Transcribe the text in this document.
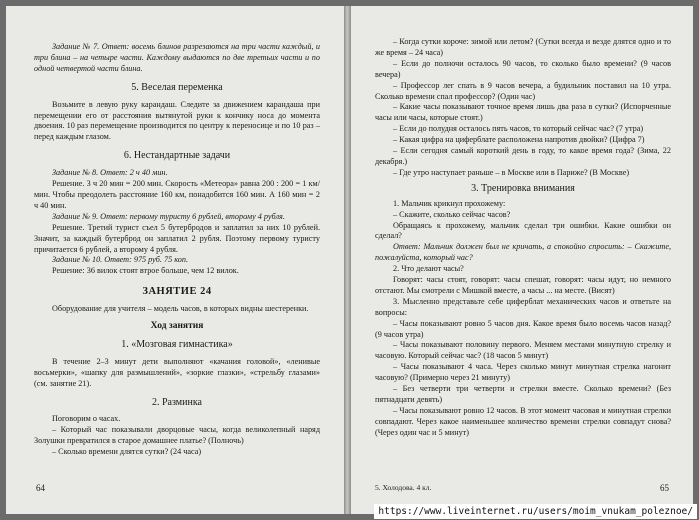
Задание № 7. Ответ: восемь блинов разрезаются на три части каждый, и три блина – на четыре части. Каждому выдаются по две третьих части и по одной четвертой части блина.

5. Веселая переменка

Возьмите в левую руку карандаш. Следите за движением карандаша при перемещении его от расстояния вытянутой руки к кончику носа до момента двоения. 10 раз перемещение производится по центру к переносице и по 10 раз – перед каждым глазом.

6. Нестандартные задачи

Задание № 8. Ответ: 2 ч 40 мин.

Решение. 3 ч 20 мин = 200 мин. Скорость «Метеора» равна 200 : 200 = 1 км/мин. Чтобы преодолеть расстояние 160 км, понадобится 160 мин. А 160 мин = 2 ч 40 мин.

Задание № 9. Ответ: первому туристу 6 рублей, второму 4 рубля.

Решение. Третий турист съел 5 бутербродов и заплатил за них 10 рублей. Значит, за каждый бутерброд он заплатил 2 рубля. Поэтому первому туристу причитается 6 рублей, а второму 4 рубля.

Задание № 10. Ответ: 975 руб. 75 коп.

Решение: 36 вилок стоят втрое больше, чем 12 вилок.

ЗАНЯТИЕ 24

Оборудование для учителя – модель часов, в которых видны шестеренки.

Ход занятия

1. «Мозговая гимнастика»

В течение 2–3 минут дети выполняют «качания головой», «ленивые восьмерки», «шапку для размышлений», «зоркие глазки», «стрельбу глазами» (см. занятие 21).

2. Разминка

Поговорим о часах.

– Который час показывали дворцовые часы, когда великолепный наряд Золушки превратился в старое домашнее платье? (Полночь)

– Сколько времени длятся сутки? (24 часа)

64

– Когда сутки короче: зимой или летом? (Сутки всегда и везде длятся одно и то же время – 24 часа)

– Если до полночи осталось 90 часов, то сколько было времени? (9 часов вечера)

– Профессор лег спать в 9 часов вечера, а будильник поставил на 10 утра. Сколько времени спал профессор? (Один час)

– Какие часы показывают точное время лишь два раза в сутки? (Испорченные часы или часы, которые стоят.)

– Если до полудня осталось пять часов, то который сейчас час? (7 утра)

– Какая цифра на циферблате расположена напротив двойки? (Цифра 7)

– Если сегодня самый короткий день в году, то какое время года? (Зима, 22 декабря.)

– Где утро наступает раньше – в Москве или в Париже? (В Москве)

3. Тренировка внимания

1. Мальчик крикнул прохожему:

– Скажите, сколько сейчас часов?

Обращаясь к прохожему, мальчик сделал три ошибки. Какие ошибки он сделал?

Ответ: Мальчик должен был не кричать, а спокойно спросить: – Скажите, пожалуйста, который час?

2. Что делают часы?

Говорят: часы стоят, говорят: часы спешат, говорят: часы идут, но немного отстают. Мы смотрели с Мишкой вместе, а часы ... на месте. (Висят)

3. Мысленно представьте себе циферблат механических часов и ответьте на вопросы:

– Часы показывают ровно 5 часов дня. Какое время было восемь часов назад? (9 часов утра)

– Часы показывают половину первого. Меняем местами минутную стрелку и часовую. Который сейчас час? (18 часов 5 минут)

– Часы показывают 4 часа. Через сколько минут минутная стрелка нагонит часовую? (Примерно через 21 минуту)

– Без четверти три четверти и стрелки вместе. Сколько времени? (Без пятнадцати девять)

– Часы показывают ровно 12 часов. В этот момент часовая и минутная стрелки совпадают. Через какое наименьшее количество времени стрелки совпадут снова? (Через один час и 5 минут)

5. Холодова. 4 кл.	65
https://www.liveinternet.ru/users/moim_vnukam_poleznoe/
